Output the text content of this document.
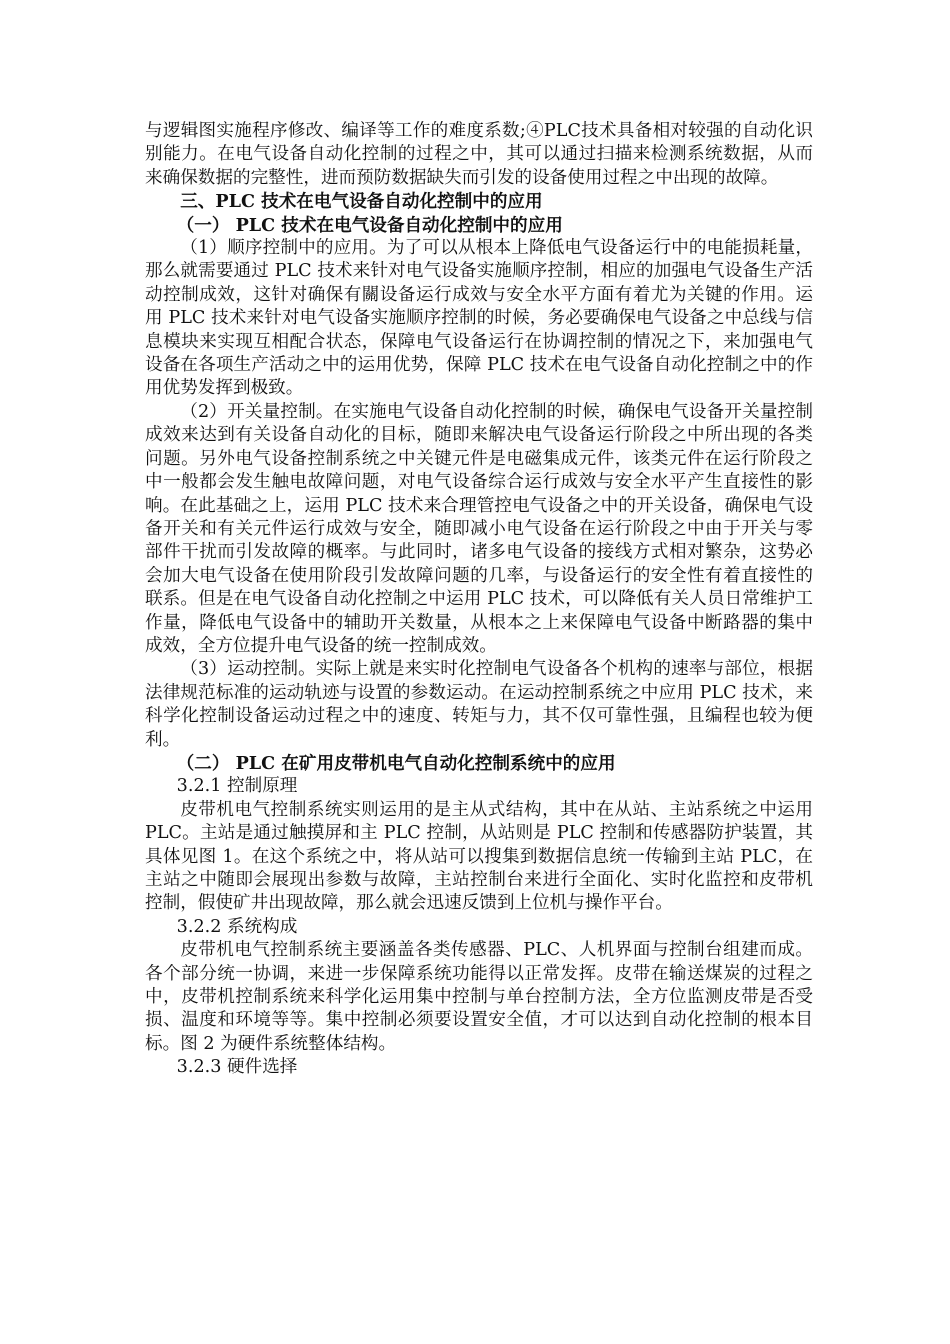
与逻辑图实施程序修改、编译等工作的难度系数;④PLC技术具备相对较强的自动化识别能力。在电气设备自动化控制的过程之中，其可以通过扫描来检测系统数据，从而来确保数据的完整性，进而预防数据缺失而引发的设备使用过程之中出现的故障。

三、PLC 技术在电气设备自动化控制中的应用

（一） PLC 技术在电气设备自动化控制中的应用

（1）顺序控制中的应用。为了可以从根本上降低电气设备运行中的电能损耗量，那么就需要通过 PLC 技术来针对电气设备实施顺序控制，相应的加强电气设备生产活动控制成效，这针对确保有關设备运行成效与安全水平方面有着尤为关键的作用。运用 PLC 技术来针对电气设备实施顺序控制的时候，务必要确保电气设备之中总线与信息模块来实现互相配合状态，保障电气设备运行在协调控制的情况之下，来加强电气设备在各项生产活动之中的运用优势，保障 PLC 技术在电气设备自动化控制之中的作用优势发挥到极致。

（2）开关量控制。在实施电气设备自动化控制的时候，确保电气设备开关量控制成效来达到有关设备自动化的目标，随即来解决电气设备运行阶段之中所出现的各类问题。另外电气设备控制系统之中关键元件是电磁集成元件，该类元件在运行阶段之中一般都会发生触电故障问题，对电气设备综合运行成效与安全水平产生直接性的影响。在此基础之上，运用 PLC 技术来合理管控电气设备之中的开关设备，确保电气设备开关和有关元件运行成效与安全，随即减小电气设备在运行阶段之中由于开关与零部件干扰而引发故障的概率。与此同时，诸多电气设备的接线方式相对繁杂，这势必会加大电气设备在使用阶段引发故障问题的几率，与设备运行的安全性有着直接性的联系。但是在电气设备自动化控制之中运用 PLC 技术，可以降低有关人员日常维护工作量，降低电气设备中的辅助开关数量，从根本之上来保障电气设备中断路器的集中成效，全方位提升电气设备的统一控制成效。

（3）运动控制。实际上就是来实时化控制电气设备各个机构的速率与部位，根据法律规范标准的运动轨迹与设置的参数运动。在运动控制系统之中应用 PLC 技术，来科学化控制设备运动过程之中的速度、转矩与力，其不仅可靠性强，且编程也较为便利。

（二） PLC 在矿用皮带机电气自动化控制系统中的应用

3.2.1 控制原理

皮带机电气控制系统实则运用的是主从式结构，其中在从站、主站系统之中运用 PLC。主站是通过触摸屏和主 PLC 控制，从站则是 PLC 控制和传感器防护装置，其具体见图 1。在这个系统之中，将从站可以搜集到数据信息统一传输到主站 PLC，在主站之中随即会展现出参数与故障，主站控制台来进行全面化、实时化监控和皮带机控制，假使矿井出现故障，那么就会迅速反馈到上位机与操作平台。

3.2.2 系统构成

皮带机电气控制系统主要涵盖各类传感器、PLC、人机界面与控制台组建而成。各个部分统一协调，来进一步保障系统功能得以正常发挥。皮带在输送煤炭的过程之中，皮带机控制系统来科学化运用集中控制与单台控制方法，全方位监测皮带是否受损、温度和环境等等。集中控制必须要设置安全值，才可以达到自动化控制的根本目标。图 2 为硬件系统整体结构。

3.2.3 硬件选择
